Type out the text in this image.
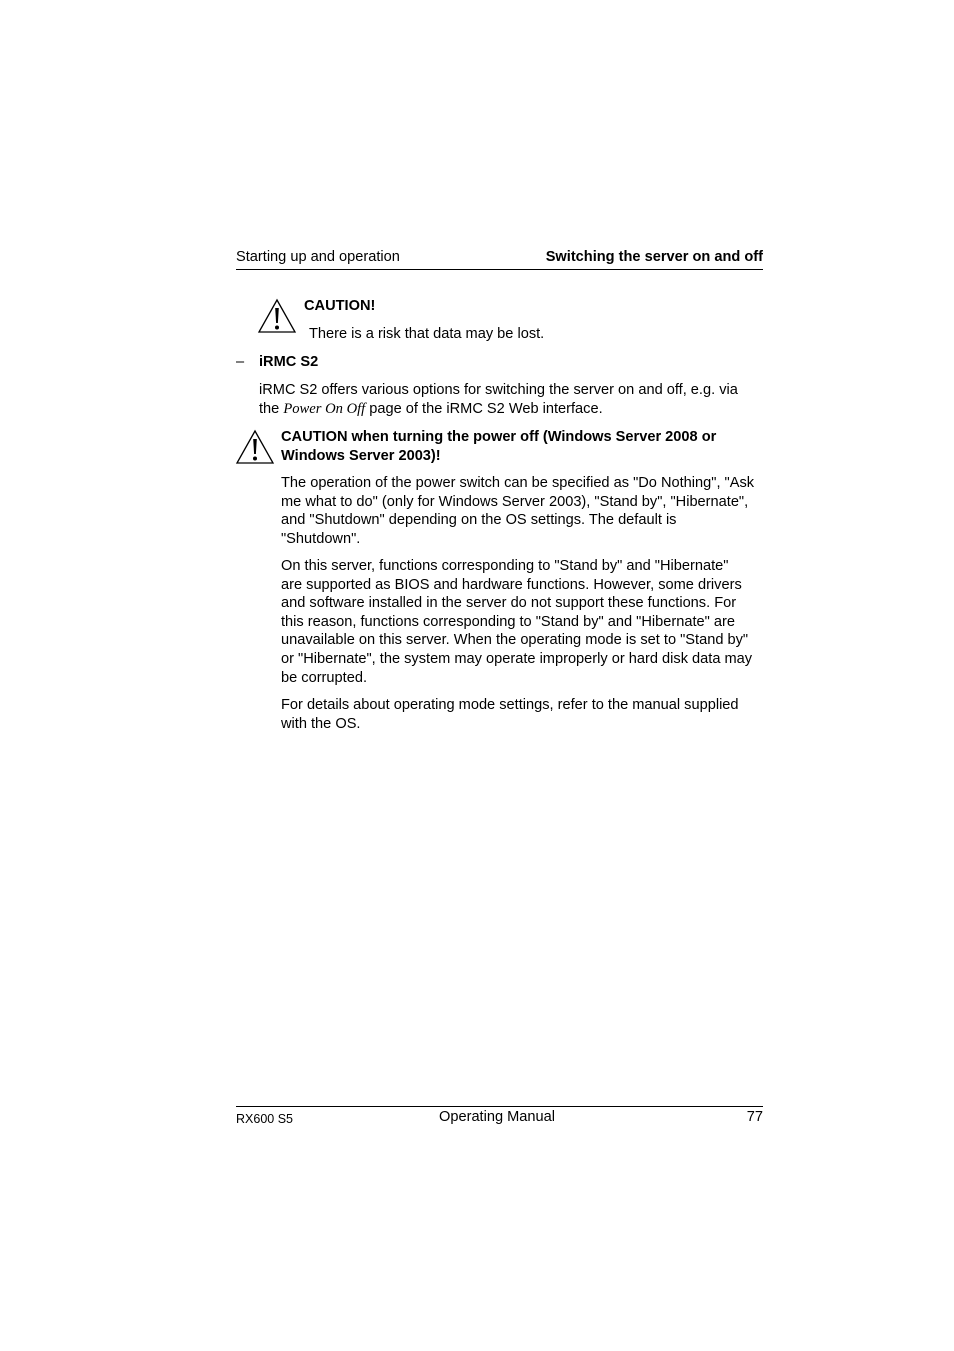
Starting up and operation	Switching the server on and off
CAUTION!
There is a risk that data may be lost.
– iRMC S2
iRMC S2 offers various options for switching the server on and off, e.g. via
the Power On Off page of the iRMC S2 Web interface.
CAUTION when turning the power off (Windows Server 2008 or
Windows Server 2003)!
The operation of the power switch can be specified as "Do Nothing", "Ask
me what to do" (only for Windows Server 2003), "Stand by", "Hibernate",
and "Shutdown" depending on the OS settings. The default is
"Shutdown".
On this server, functions corresponding to "Stand by" and "Hibernate"
are supported as BIOS and hardware functions. However, some drivers
and software installed in the server do not support these functions. For
this reason, functions corresponding to "Stand by" and "Hibernate" are
unavailable on this server. When the operating mode is set to "Stand by"
or "Hibernate", the system may operate improperly or hard disk data may
be corrupted.
For details about operating mode settings, refer to the manual supplied
with the OS.
RX600 S5	Operating Manual	77
